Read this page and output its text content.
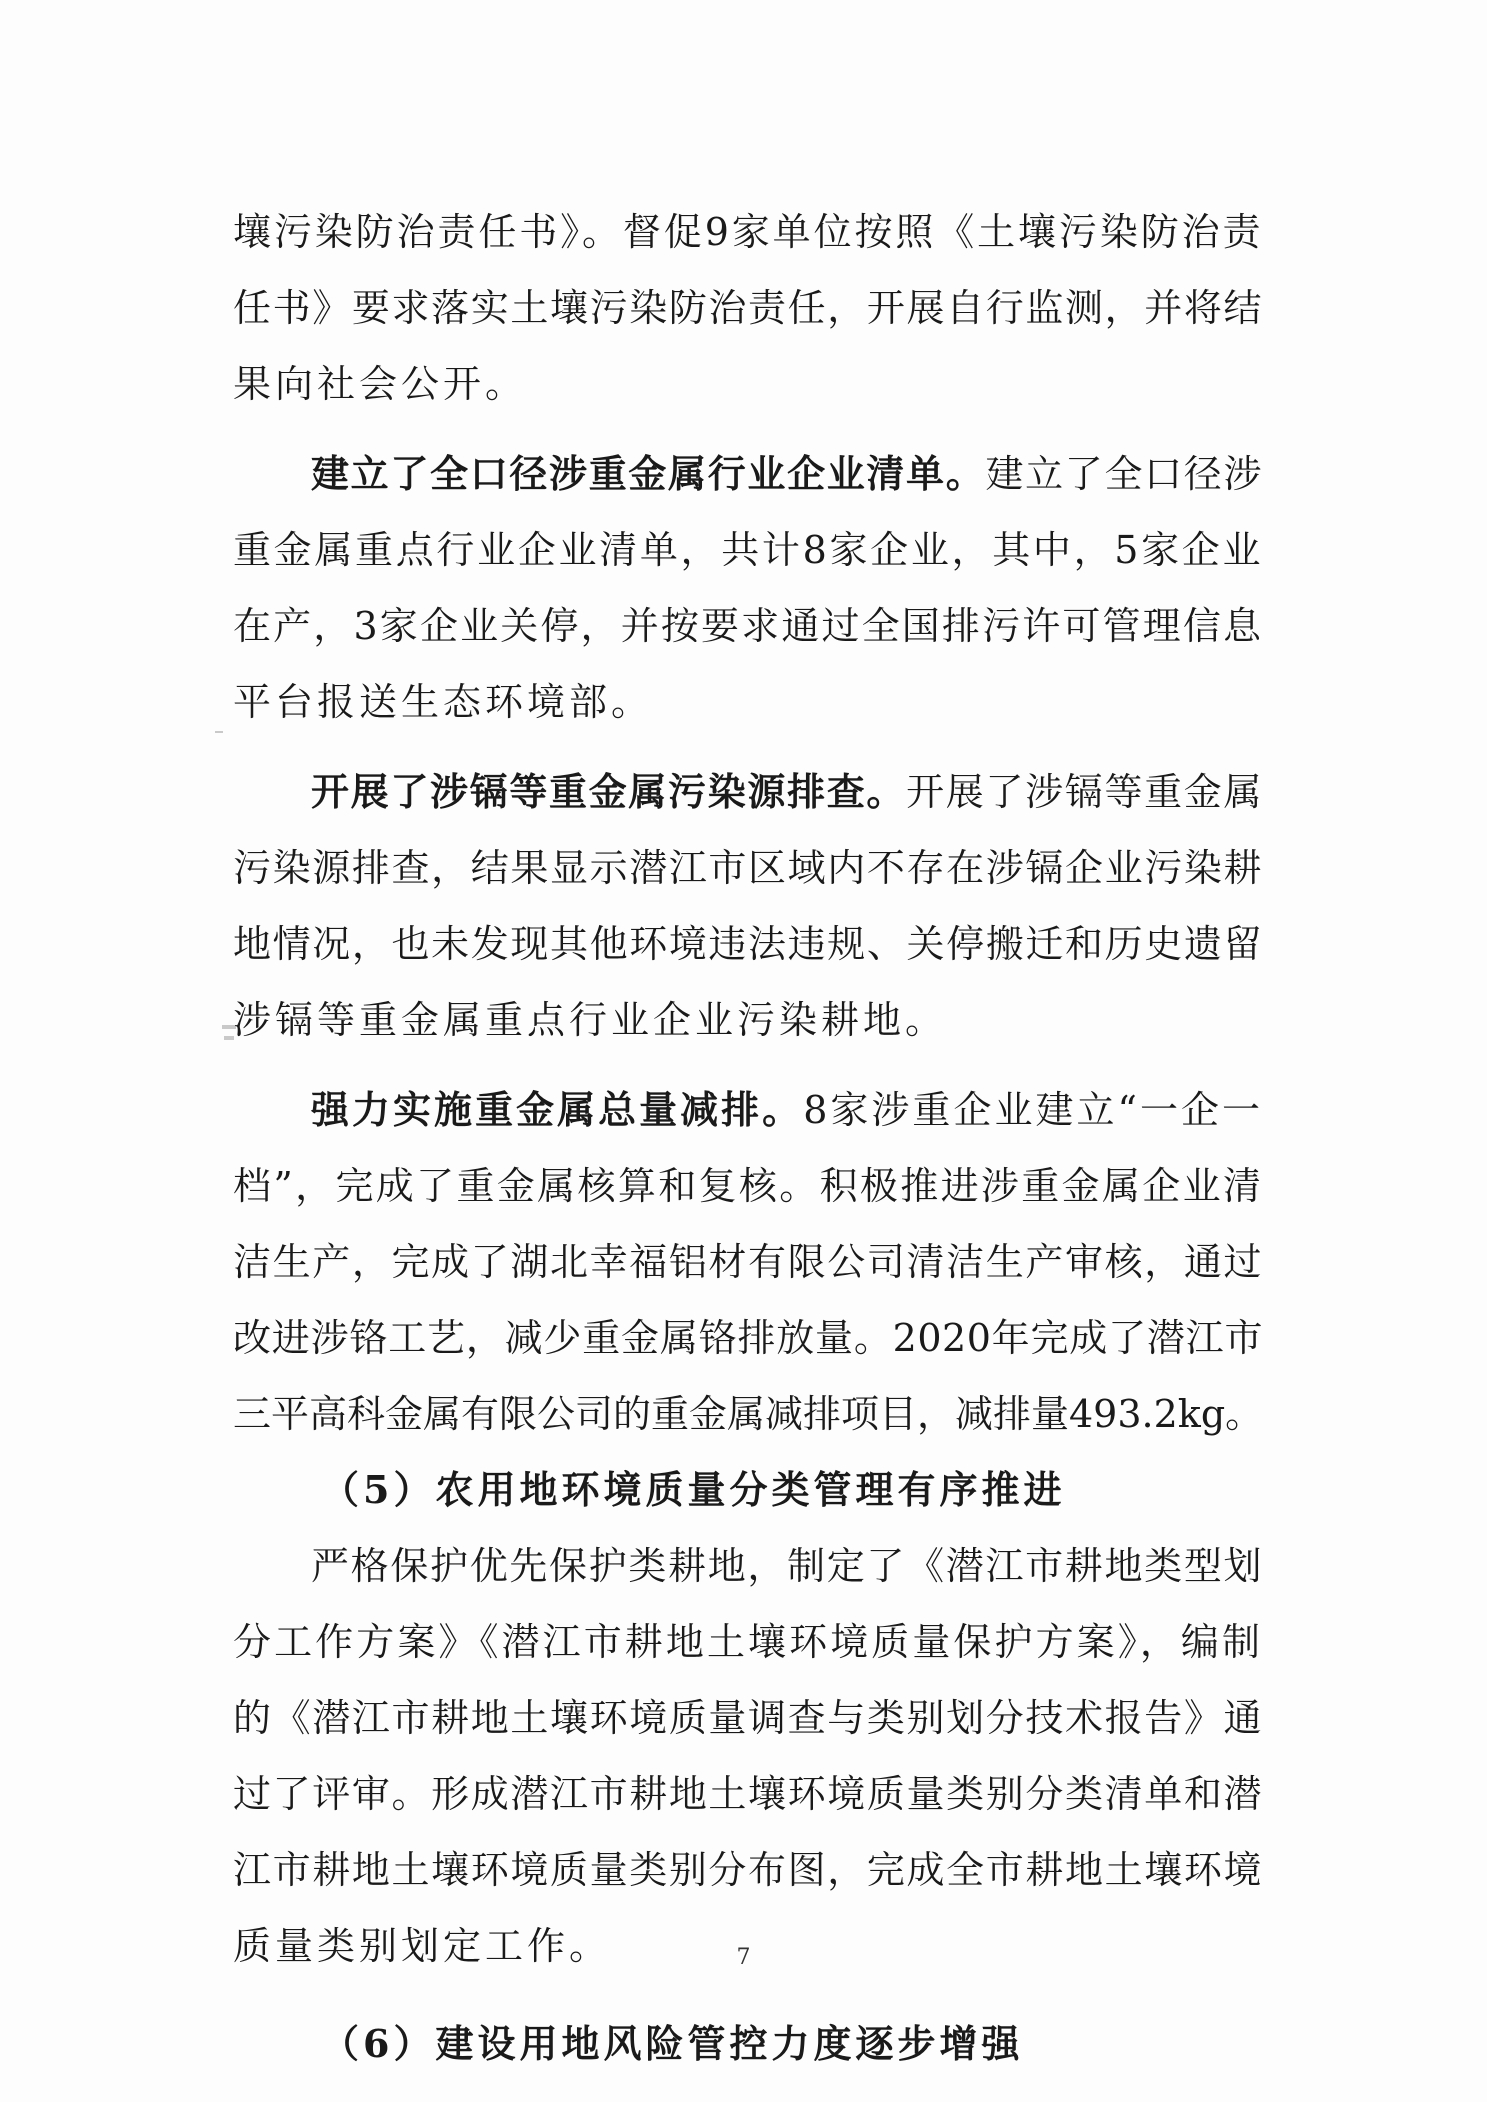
壤污染防治责任书》。督促9家单位按照《土壤污染防治责
任书》要求落实土壤污染防治责任，开展自行监测，并将结
果向社会公开。
建立了全口径涉重金属行业企业清单。建立了全口径涉
重金属重点行业企业清单，共计8家企业，其中，5家企业
在产，3家企业关停，并按要求通过全国排污许可管理信息
平台报送生态环境部。
开展了涉镉等重金属污染源排查。开展了涉镉等重金属
污染源排查，结果显示潜江市区域内不存在涉镉企业污染耕
地情况，也未发现其他环境违法违规、关停搬迁和历史遗留
涉镉等重金属重点行业企业污染耕地。
强力实施重金属总量减排。8家涉重企业建立“一企一
档”，完成了重金属核算和复核。积极推进涉重金属企业清
洁生产，完成了湖北幸福铝材有限公司清洁生产审核，通过
改进涉铬工艺，减少重金属铬排放量。2020年完成了潜江市
三平高科金属有限公司的重金属减排项目，减排量493.2kg。
（5）农用地环境质量分类管理有序推进
严格保护优先保护类耕地，制定了《潜江市耕地类型划
分工作方案》《潜江市耕地土壤环境质量保护方案》，编制
的《潜江市耕地土壤环境质量调查与类别划分技术报告》通
过了评审。形成潜江市耕地土壤环境质量类别分类清单和潜
江市耕地土壤环境质量类别分布图，完成全市耕地土壤环境
质量类别划定工作。
（6）建设用地风险管控力度逐步增强
7
